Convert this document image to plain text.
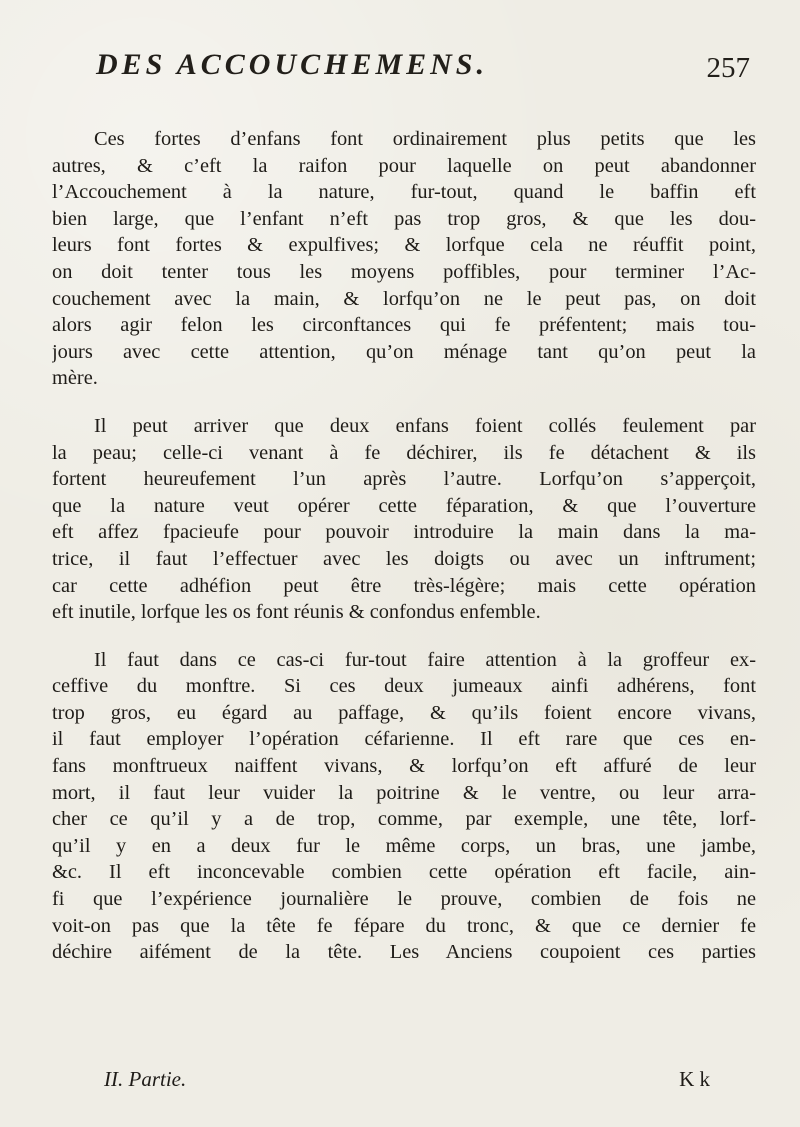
DES ACCOUCHEMENS.	257

Ces fortes d’enfans font ordinairement plus petits que les
autres, & c’eft la raifon pour laquelle on peut abandonner
l’Accouchement à la nature, fur-tout, quand le baffin eft
bien large, que l’enfant n’eft pas trop gros, & que les dou-
leurs font fortes & expulfives; & lorfque cela ne réuffit point,
on doit tenter tous les moyens poffibles, pour terminer l’Ac-
couchement avec la main, & lorfqu’on ne le peut pas, on doit
alors agir felon les circonftances qui fe préfentent; mais tou-
jours avec cette attention, qu’on ménage tant qu’on peut la
mère.

Il peut arriver que deux enfans foient collés feulement par
la peau; celle-ci venant à fe déchirer, ils fe détachent & ils
fortent heureufement l’un après l’autre. Lorfqu’on s’apperçoit,
que la nature veut opérer cette féparation, & que l’ouverture
eft affez fpacieufe pour pouvoir introduire la main dans la ma-
trice, il faut l’effectuer avec les doigts ou avec un inftrument;
car cette adhéfion peut être très-légère; mais cette opération
eft inutile, lorfque les os font réunis & confondus enfemble.

Il faut dans ce cas-ci fur-tout faire attention à la groffeur ex-
ceffive du monftre. Si ces deux jumeaux ainfi adhérens, font
trop gros, eu égard au paffage, & qu’ils foient encore vivans,
il faut employer l’opération céfarienne. Il eft rare que ces en-
fans monftrueux naiffent vivans, & lorfqu’on eft affuré de leur
mort, il faut leur vuider la poitrine & le ventre, ou leur arra-
cher ce qu’il y a de trop, comme, par exemple, une tête, lorf-
qu’il y en a deux fur le même corps, un bras, une jambe,
&c. Il eft inconcevable combien cette opération eft facile, ain-
fi que l’expérience journalière le prouve, combien de fois ne
voit-on pas que la tête fe fépare du tronc, & que ce dernier fe
déchire aifément de la tête. Les Anciens coupoient ces parties

II. Partie.	K k
